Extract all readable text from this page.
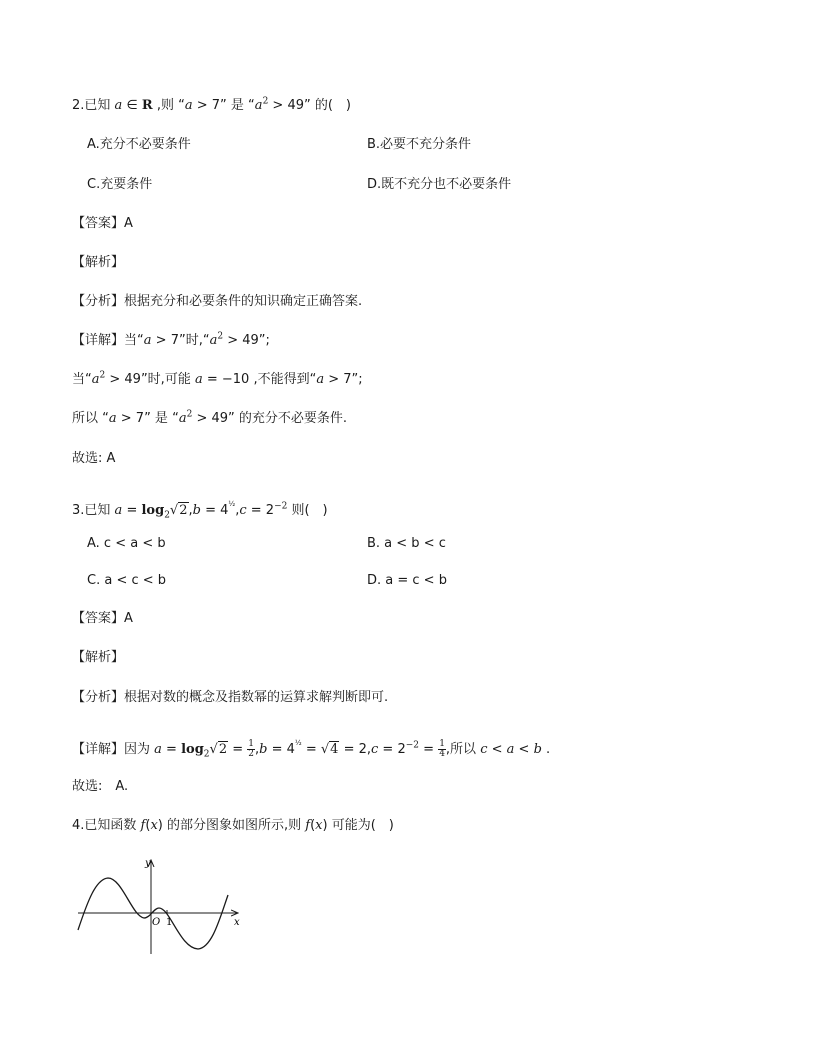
2.已知 a ∈ R ,则 “a > 7” 是 “$a^2 > 49$” 的(　)
A.充分不必要条件	B.必要不充分条件
C.充要条件	D.既不充分也不必要条件
【答案】A
【解析】
【分析】根据充分和必要条件的知识确定正确答案.
【详解】当“a > 7”时$,“a^2 > 49$”;
当“$a^2 > 49$”时,可能 a = −10 ,不能得到“a > 7”;
所以 “a > 7” 是 “$a^2 > 49$” 的充分不必要条件.
故选: A
3.已知 $a = \log_2√2,b = 4^{\frac{1}{2}},c = 2^{-2}$ 则(　)
A. c < a < b	B. a < b < c
C. a < c < b	D. a = c < b
【答案】A
【解析】
【分析】根据对数的概念及指数幂的运算求解判断即可.
【详解】因为 $a = \log_2√2 = \frac{1}{2} ,b = 4^{\frac{1}{2}} = √4 = 2,c = 2^{-2} = \frac{1}{4}$ ,所以 c < a < b .
故选:　A.
4.已知函数 f(x) 的部分图象如图所示,则 f(x) 可能为(　)
y
x
O 1
